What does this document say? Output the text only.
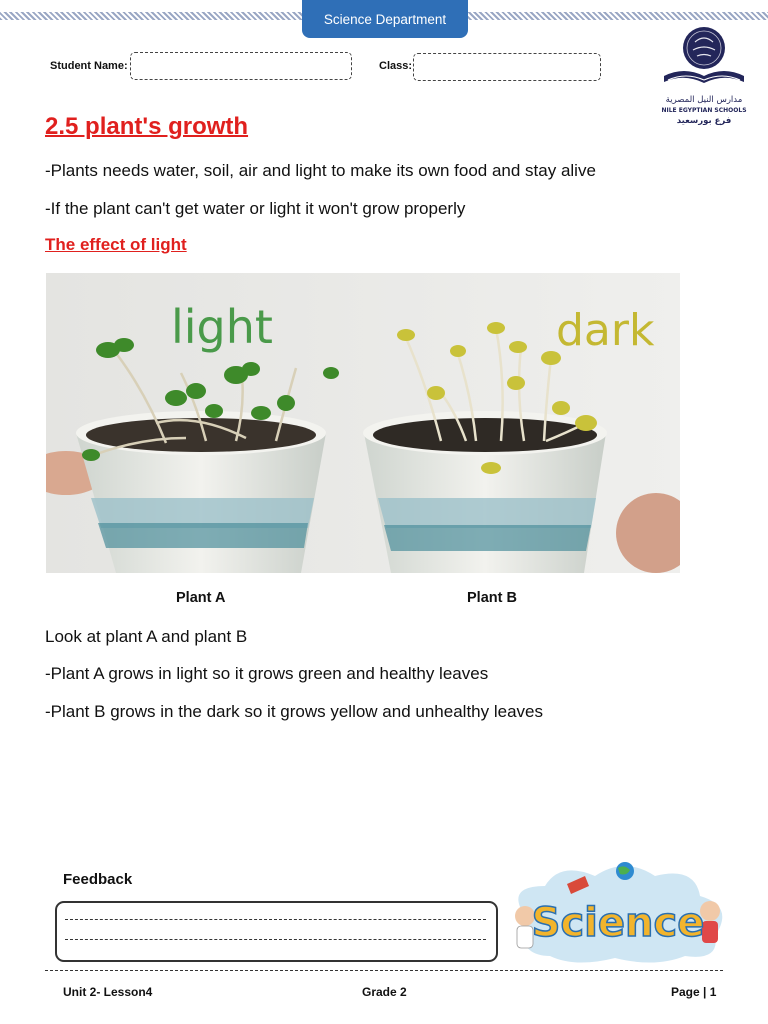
Science Department
Student Name:	Class:
مدارس النيل المصرية
NILE EGYPTIAN SCHOOLS
فرع بورسعيد
2.5 plant's growth
-Plants needs water, soil, air and light to make its own food and stay alive
-If the plant can't get water or light it won't grow properly
The effect of light
light	dark
Plant A	Plant B
Look at plant A and plant B
-Plant A grows in light so it grows green and healthy leaves
-Plant B grows in the dark so it grows yellow and unhealthy leaves
Feedback
Science
Unit 2- Lesson4	Grade 2	Page | 1
